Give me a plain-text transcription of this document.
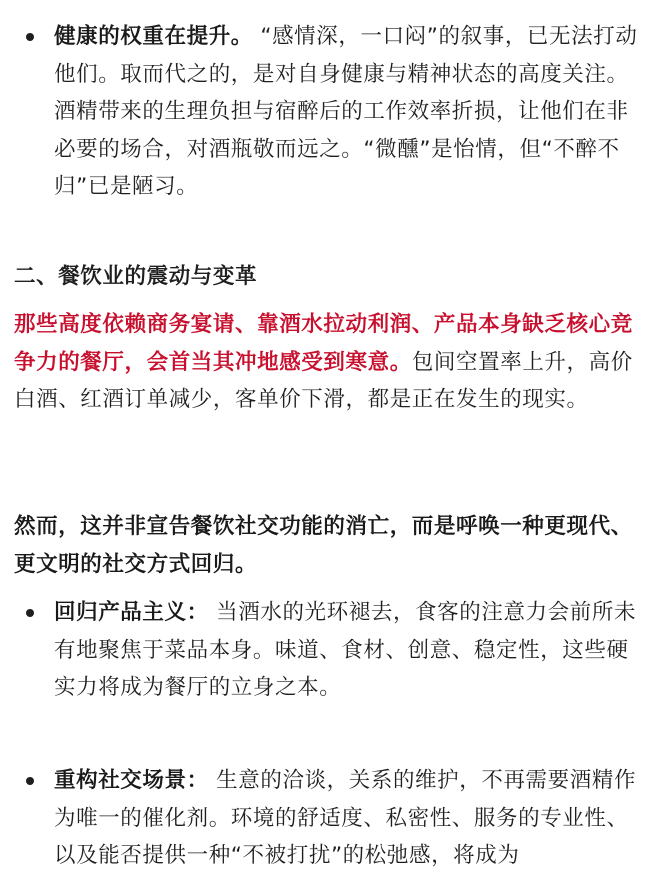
健康的权重在提升。 “感情深，一口闷”的叙事，已无法打动他们。取而代之的，是对自身健康与精神状态的高度关注。酒精带来的生理负担与宿醉后的工作效率折损，让他们在非必要的场合，对酒瓶敬而远之。“微醺”是怡情，但“不醉不归”已是陋习。
二、餐饮业的震动与变革
那些高度依赖商务宴请、靠酒水拉动利润、产品本身缺乏核心竞争力的餐厅，会首当其冲地感受到寒意。包间空置率上升，高价白酒、红酒订单减少，客单价下滑，都是正在发生的现实。
然而，这并非宣告餐饮社交功能的消亡，而是呼唤一种更现代、更文明的社交方式回归。
回归产品主义： 当酒水的光环褪去，食客的注意力会前所未有地聚焦于菜品本身。味道、食材、创意、稳定性，这些硬实力将成为餐厅的立身之本。
重构社交场景： 生意的洽谈，关系的维护，不再需要酒精作为唯一的催化剂。环境的舒适度、私密性、服务的专业性、以及能否提供一种“不被打扰”的松弛感，将成为
